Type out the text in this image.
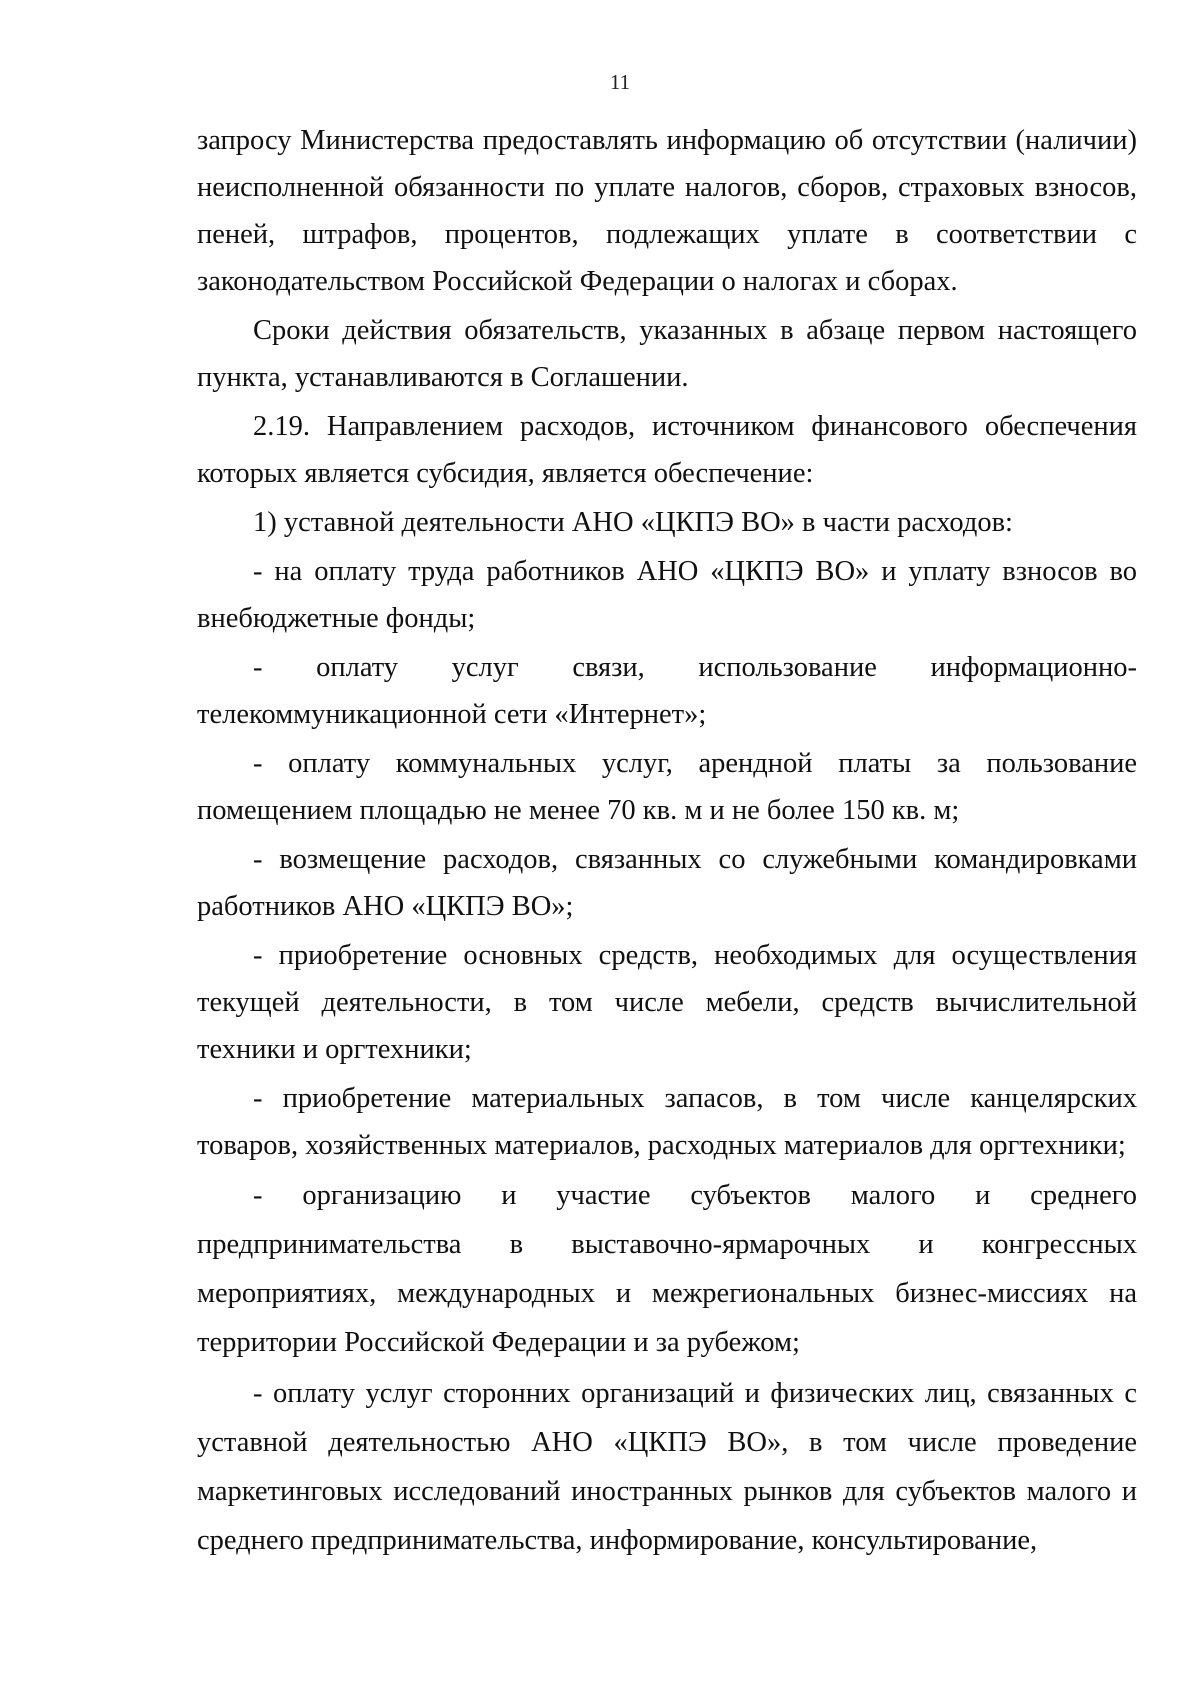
11

запросу Министерства предоставлять информацию об отсутствии (наличии) неисполненной обязанности по уплате налогов, сборов, страховых взносов, пеней, штрафов, процентов, подлежащих уплате в соответствии с законодательством Российской Федерации о налогах и сборах.

Сроки действия обязательств, указанных в абзаце первом настоящего пункта, устанавливаются в Соглашении.

2.19. Направлением расходов, источником финансового обеспечения которых является субсидия, является обеспечение:

1) уставной деятельности АНО «ЦКПЭ ВО» в части расходов:

- на оплату труда работников АНО «ЦКПЭ ВО» и уплату взносов во внебюджетные фонды;

- оплату услуг связи, использование информационно-телекоммуникационной сети «Интернет»;

- оплату коммунальных услуг, арендной платы за пользование помещением площадью не менее 70 кв. м и не более 150 кв. м;

- возмещение расходов, связанных со служебными командировками работников АНО «ЦКПЭ ВО»;

- приобретение основных средств, необходимых для осуществления текущей деятельности, в том числе мебели, средств вычислительной техники и оргтехники;

- приобретение материальных запасов, в том числе канцелярских товаров, хозяйственных материалов, расходных материалов для оргтехники;

- организацию и участие субъектов малого и среднего предпринимательства в выставочно-ярмарочных и конгрессных мероприятиях, международных и межрегиональных бизнес-миссиях на территории Российской Федерации и за рубежом;

- оплату услуг сторонних организаций и физических лиц, связанных с уставной деятельностью АНО «ЦКПЭ ВО», в том числе проведение маркетинговых исследований иностранных рынков для субъектов малого и среднего предпринимательства, информирование, консультирование,
